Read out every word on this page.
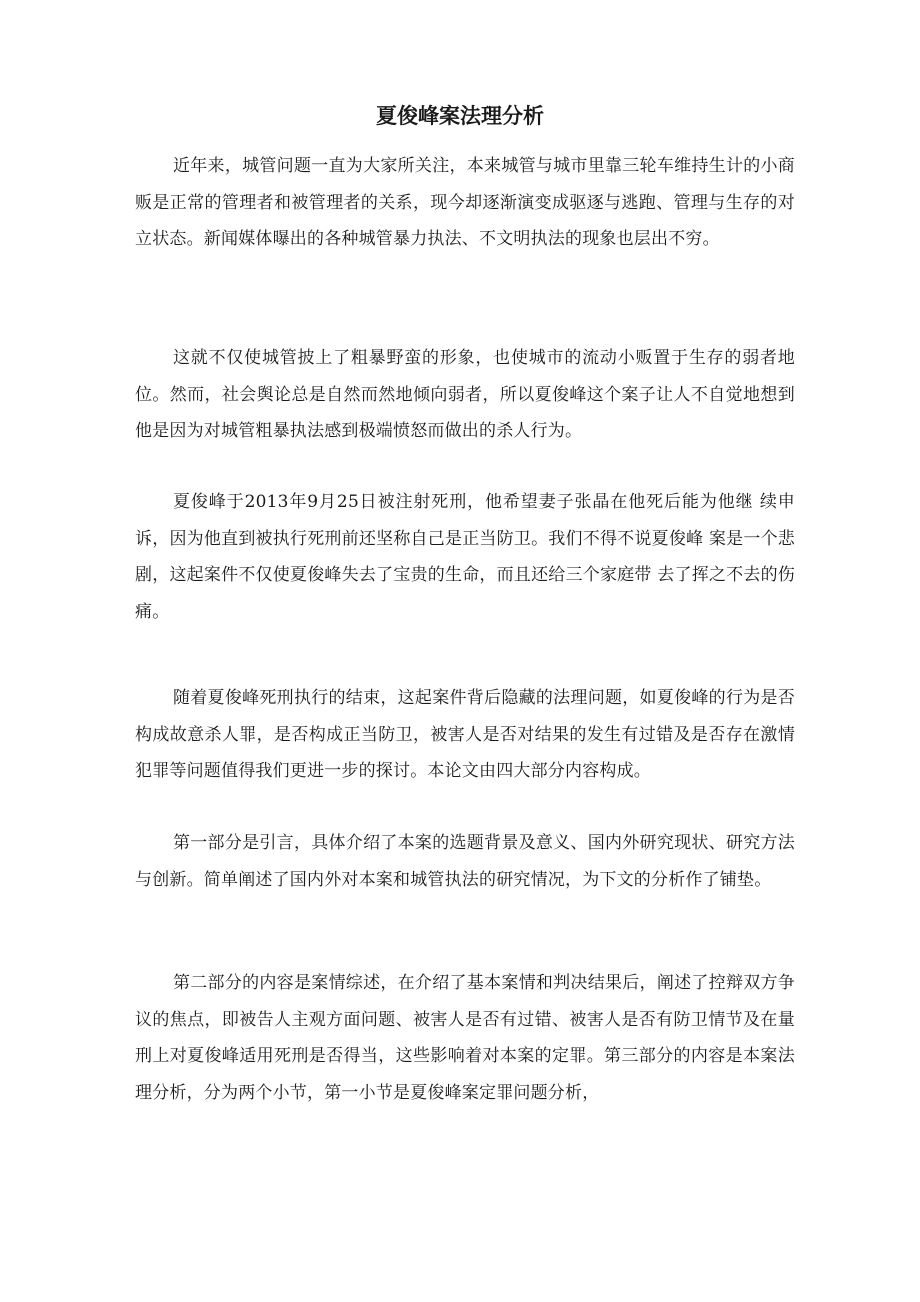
夏俊峰案法理分析

近年来，城管问题一直为大家所关注，本来城管与城市里靠三轮车维持生计的小商贩是正常的管理者和被管理者的关系，现今却逐渐演变成驱逐与逃跑、管理与生存的对立状态。新闻媒体曝出的各种城管暴力执法、不文明执法的现象也层出不穷。

这就不仅使城管披上了粗暴野蛮的形象，也使城市的流动小贩置于生存的弱者地位。然而，社会舆论总是自然而然地倾向弱者，所以夏俊峰这个案子让人不自觉地想到他是因为对城管粗暴执法感到极端愤怒而做出的杀人行为。

夏俊峰于2013年9月25日被注射死刑，他希望妻子张晶在他死后能为他继 续申诉，因为他直到被执行死刑前还坚称自己是正当防卫。我们不得不说夏俊峰 案是一个悲剧，这起案件不仅使夏俊峰失去了宝贵的生命，而且还给三个家庭带 去了挥之不去的伤痛。

随着夏俊峰死刑执行的结束，这起案件背后隐藏的法理问题，如夏俊峰的行为是否构成故意杀人罪，是否构成正当防卫，被害人是否对结果的发生有过错及是否存在激情犯罪等问题值得我们更进一步的探讨。本论文由四大部分内容构成。

第一部分是引言，具体介绍了本案的选题背景及意义、国内外研究现状、研究方法与创新。简单阐述了国内外对本案和城管执法的研究情况，为下文的分析作了铺垫。

第二部分的内容是案情综述，在介绍了基本案情和判决结果后，阐述了控辩双方争议的焦点，即被告人主观方面问题、被害人是否有过错、被害人是否有防卫情节及在量刑上对夏俊峰适用死刑是否得当，这些影响着对本案的定罪。第三部分的内容是本案法理分析，分为两个小节，第一小节是夏俊峰案定罪问题分析，
